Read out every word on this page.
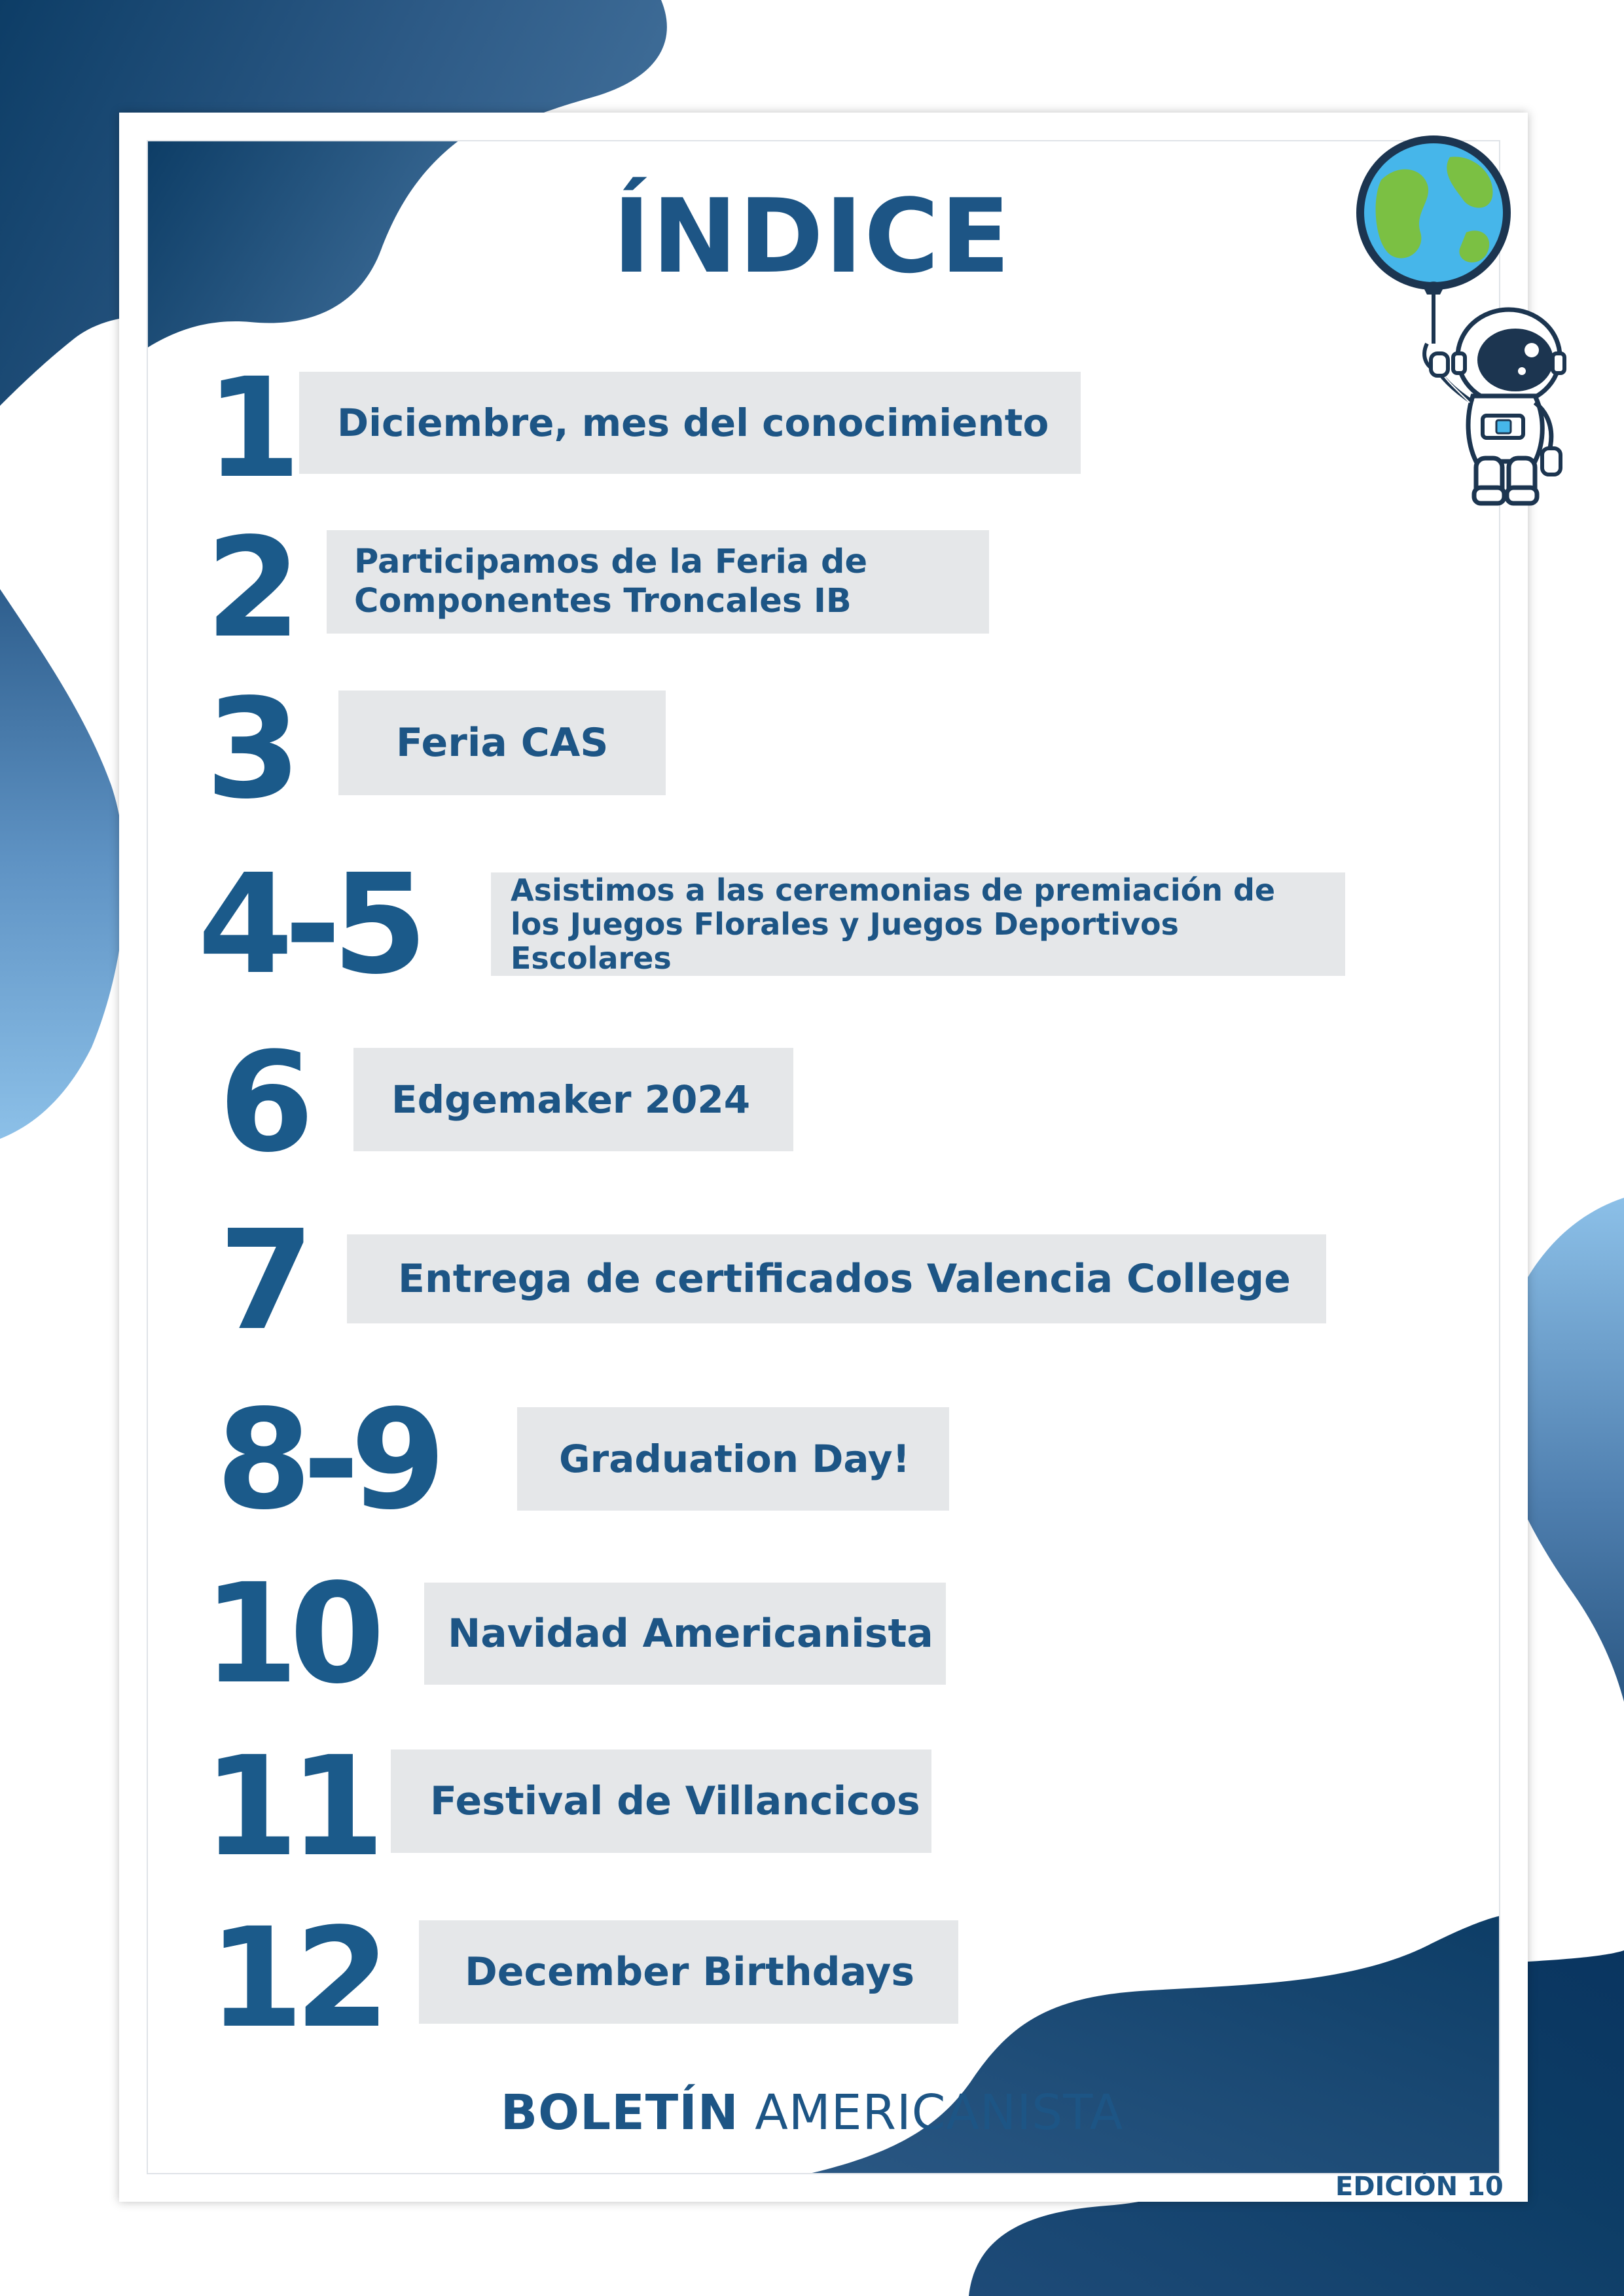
ÍNDICE
1 Diciembre, mes del conocimiento
2 Participamos de la Feria de
Componentes Troncales IB
3	Feria CAS
4-5	Asistimos a las ceremonias de premiación de
los Juegos Florales y Juegos Deportivos Escolares
6 Edgemaker 2024
7 Entrega de certificados Valencia College
8-9	Graduation Day!
10 Navidad Americanista
11 Festival de Villancicos
12 December Birthdays
BOLETÍN AMERICANISTA
EDICIÓN 10
